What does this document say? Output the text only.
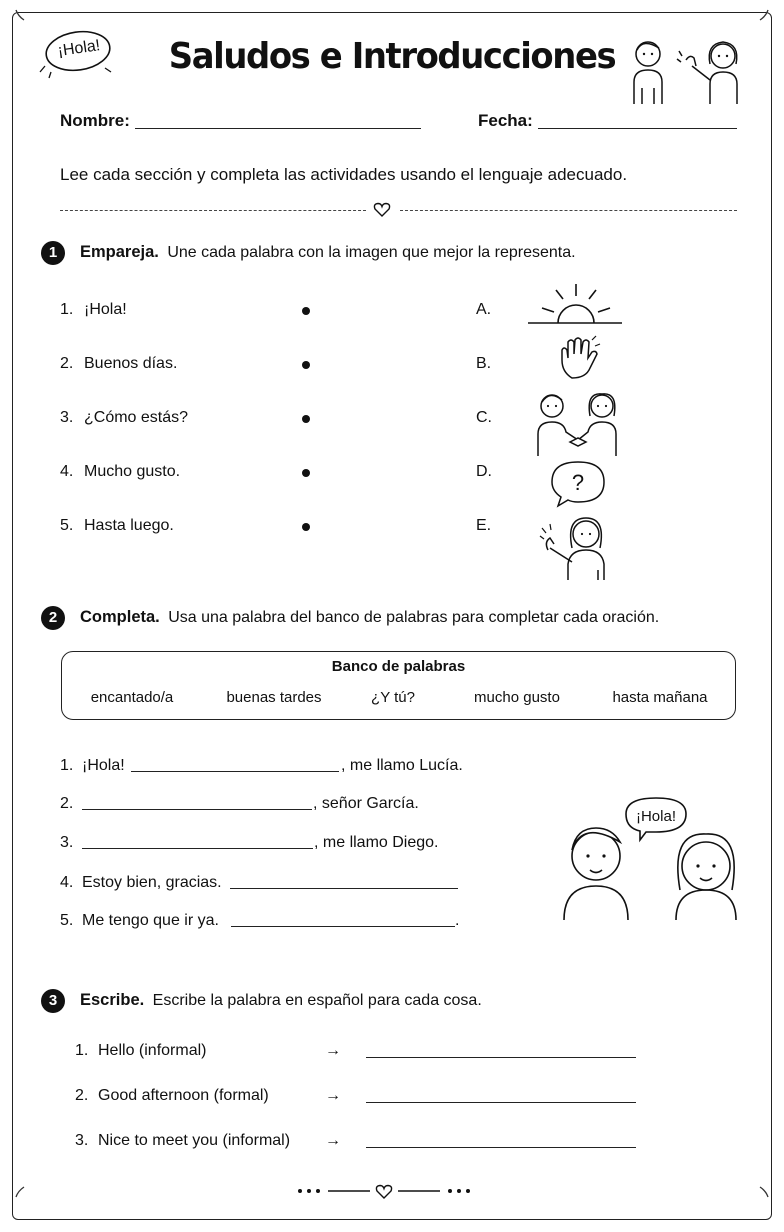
¡Hola!	Saludos e Introducciones
Nombre:	Fecha:
Lee cada sección y completa las actividades usando el lenguaje adecuado.
1	Empareja. Une cada palabra con la imagen que mejor la representa.
1. ¡Hola!	A.
2. Buenos días.	B.
3. ¿Cómo estás?	C.
4. Mucho gusto.	D.
5. Hasta luego.	E.
?
2	Completa. Usa una palabra del banco de palabras para completar cada oración.
Banco de palabras
encantado/a	buenas tardes	¿Y tú?	mucho gusto	hasta mañana
1. ¡Hola!	, me llamo Lucía.
2.	, señor García.
3.	, me llamo Diego.
4. Estoy bien, gracias.
5. Me tengo que ir ya.	.
¡Hola!
3	Escribe. Escribe la palabra en español para cada cosa.
1. Hello (informal)	→
2. Good afternoon (formal)	→
3. Nice to meet you (informal) →
